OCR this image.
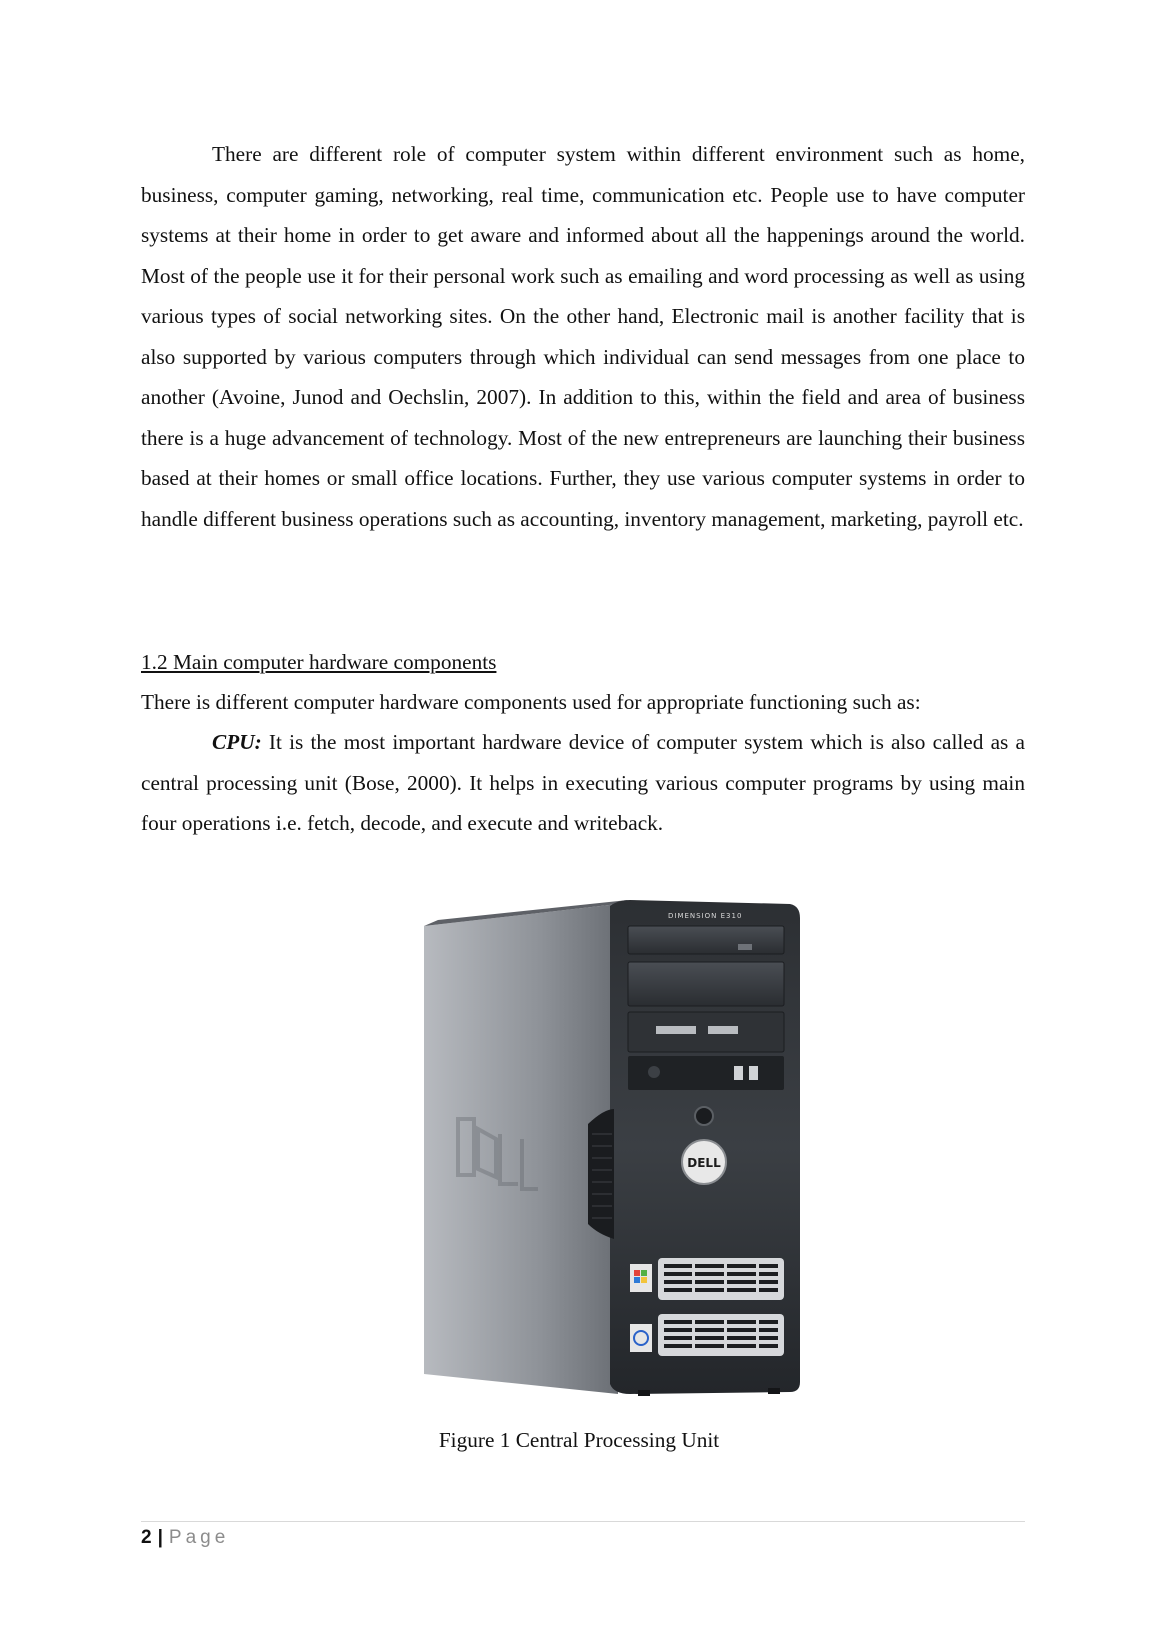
There are different role of computer system within different environment such as home, business, computer gaming, networking, real time, communication etc. People use to have computer systems at their home in order to get aware and informed about all the happenings around the world. Most of the people use it for their personal work such as emailing and word processing as well as using various types of social networking sites. On the other hand, Electronic mail is another facility that is also supported by various computers through which individual can send messages from one place to another (Avoine, Junod and Oechslin, 2007). In addition to this, within the field and area of business there is a huge advancement of technology. Most of the new entrepreneurs are launching their business based at their homes or small office locations. Further, they use various computer systems in order to handle different business operations such as accounting, inventory management, marketing, payroll etc.
1.2 Main computer hardware components
There is different computer hardware components used for appropriate functioning such as:
CPU: It is the most important hardware device of computer system which is also called as a central processing unit (Bose, 2000). It helps in executing various computer programs by using main four operations i.e. fetch, decode, and execute and writeback.
DIMENSION E310
DELL
Figure 1 Central Processing Unit
2 | Page
